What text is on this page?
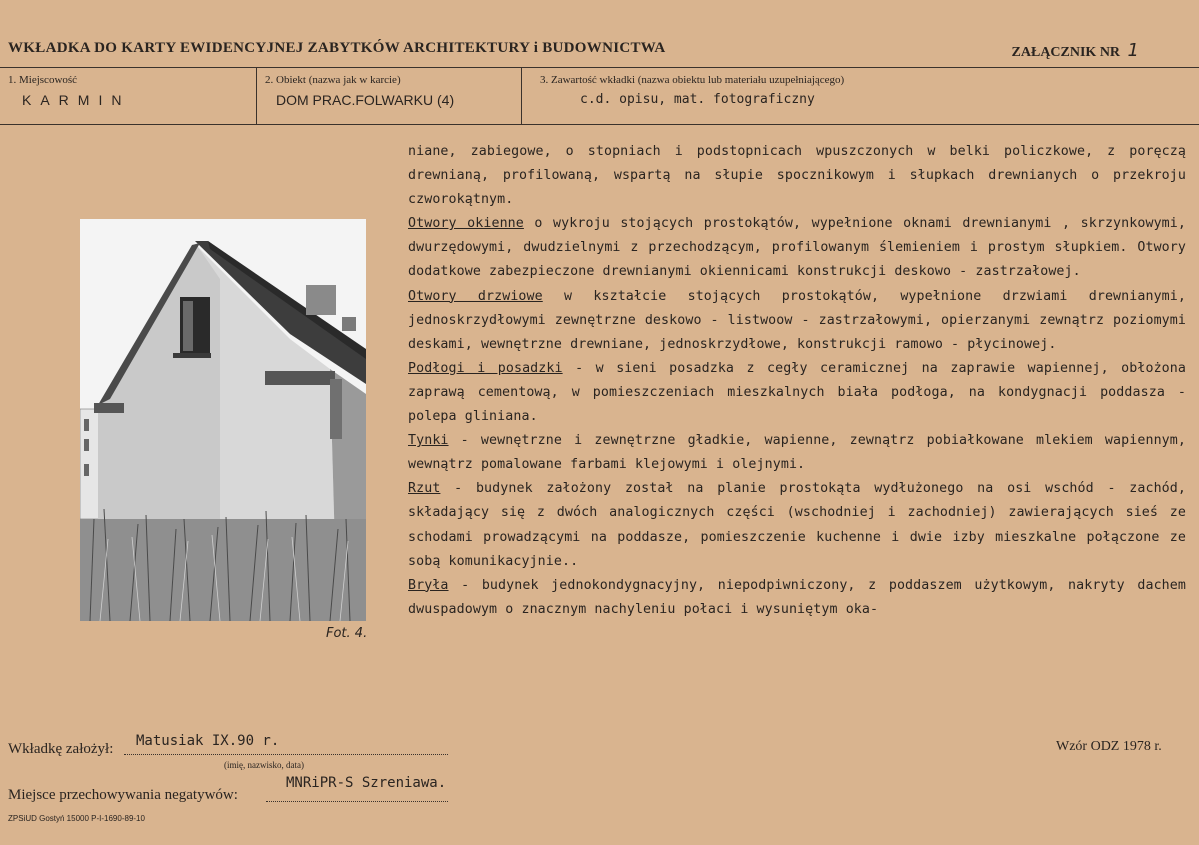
WKŁADKA DO KARTY EWIDENCYJNEJ ZABYTKÓW ARCHITEKTURY i BUDOWNICTWA	ZAŁĄCZNIK NR 1
1. Miejscowość
KARMIN
2. Obiekt (nazwa jak w karcie)
DOM PRAC.FOLWARKU (4)
3. Zawartość wkładki (nazwa obiektu lub materiału uzupełniającego)
c.d. opisu, mat. fotograficzny
Fot. 4.

niane, zabiegowe, o stopniach i podstopnicach wpuszczonych w belki policzkowe, z poręczą drewnianą, profilowaną, wspartą na słupie spocznikowym i słupkach drewnianych o przekroju czworokątnym.

Otwory okienne o wykroju stojących prostokątów, wypełnione oknami drewnianymi , skrzynkowymi, dwurzędowymi, dwudzielnymi z przechodzącym, profilowanym ślemieniem i prostym słupkiem. Otwory dodatkowe zabezpieczone drewnianymi okiennicami konstrukcji deskowo - zastrzałowej.

Otwory drzwiowe w kształcie stojących prostokątów, wypełnione drzwiami drewnianymi, jednoskrzydłowymi zewnętrzne deskowo - listwoow - zastrzałowymi, opierzanymi zewnątrz poziomymi deskami, wewnętrzne drewniane, jednoskrzydłowe, konstrukcji ramowo - płycinowej.

Podłogi i posadzki - w sieni posadzka z cegły ceramicznej na zaprawie wapiennej, obłożona zaprawą cementową, w pomieszczeniach mieszkalnych biała podłoga, na kondygnacji poddasza - polepa gliniana.

Tynki - wewnętrzne i zewnętrzne gładkie, wapienne, zewnątrz pobiałkowane mlekiem wapiennym, wewnątrz pomalowane farbami klejowymi i olejnymi.

Rzut - budynek założony został na planie prostokąta wydłużonego na osi wschód - zachód, składający się z dwóch analogicznych części (wschodniej i zachodniej) zawierających sieś ze schodami prowadzącymi na poddasze, pomieszczenie kuchenne i dwie izby mieszkalne połączone ze sobą komunikacyjnie..

Bryła - budynek jednokondygnacyjny, niepodpiwniczony, z poddaszem użytkowym, nakryty dachem dwuspadowym o znacznym nachyleniu połaci i wysuniętym oka-

Wkładkę założył: Matusiak IX.90 r.
(imię, nazwisko, data)
Miejsce przechowywania negatywów:
MNRiPR-S Szreniawa.
Wzór ODZ 1978 r.
ZPSiUD Gostyń 15000 P-I-1690-89-10
